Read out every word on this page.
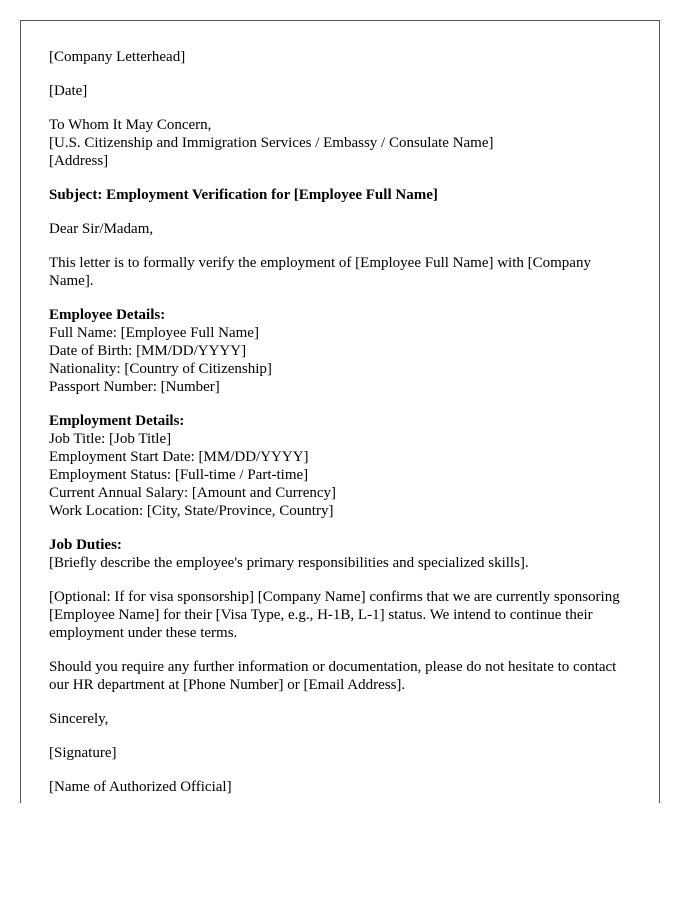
[Company Letterhead]

[Date]

To Whom It May Concern,
[U.S. Citizenship and Immigration Services / Embassy / Consulate Name]
[Address]

Subject: Employment Verification for [Employee Full Name]

Dear Sir/Madam,

This letter is to formally verify the employment of [Employee Full Name] with [Company Name].

Employee Details:
Full Name: [Employee Full Name]
Date of Birth: [MM/DD/YYYY]
Nationality: [Country of Citizenship]
Passport Number: [Number]

Employment Details:
Job Title: [Job Title]
Employment Start Date: [MM/DD/YYYY]
Employment Status: [Full-time / Part-time]
Current Annual Salary: [Amount and Currency]
Work Location: [City, State/Province, Country]

Job Duties:
[Briefly describe the employee's primary responsibilities and specialized skills].

[Optional: If for visa sponsorship] [Company Name] confirms that we are currently sponsoring [Employee Name] for their [Visa Type, e.g., H-1B, L-1] status. We intend to continue their employment under these terms.

Should you require any further information or documentation, please do not hesitate to contact our HR department at [Phone Number] or [Email Address].

Sincerely,

[Signature]

[Name of Authorized Official]
